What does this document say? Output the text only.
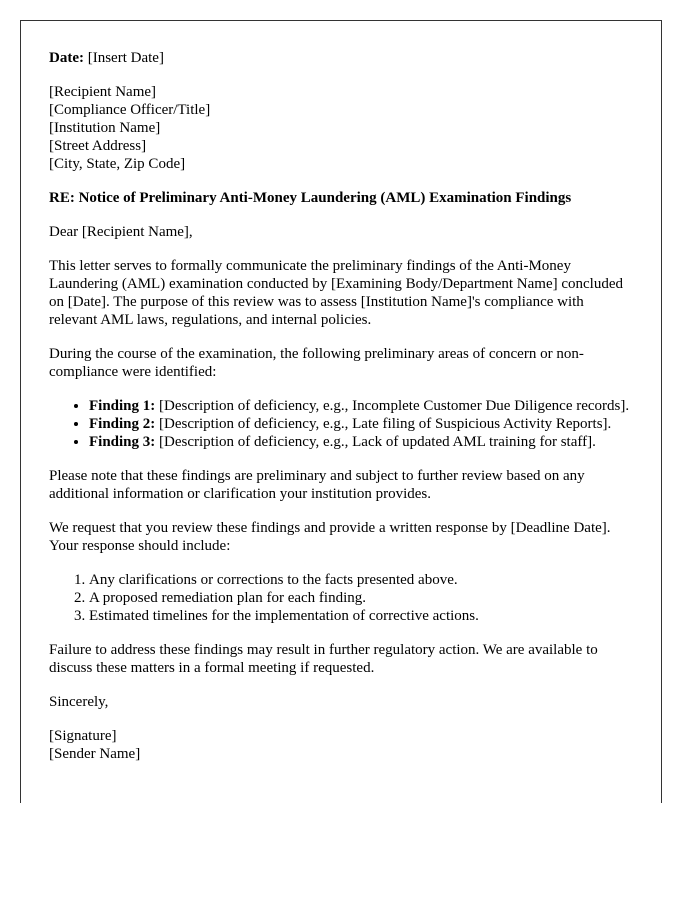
Date: [Insert Date]

[Recipient Name]
[Compliance Officer/Title]
[Institution Name]
[Street Address]
[City, State, Zip Code]

RE: Notice of Preliminary Anti-Money Laundering (AML) Examination Findings

Dear [Recipient Name],

This letter serves to formally communicate the preliminary findings of the Anti-Money Laundering (AML) examination conducted by [Examining Body/Department Name] concluded on [Date]. The purpose of this review was to assess [Institution Name]'s compliance with relevant AML laws, regulations, and internal policies.

During the course of the examination, the following preliminary areas of concern or non-compliance were identified:

• Finding 1: [Description of deficiency, e.g., Incomplete Customer Due Diligence records].
• Finding 2: [Description of deficiency, e.g., Late filing of Suspicious Activity Reports].
• Finding 3: [Description of deficiency, e.g., Lack of updated AML training for staff].

Please note that these findings are preliminary and subject to further review based on any additional information or clarification your institution provides.

We request that you review these findings and provide a written response by [Deadline Date]. Your response should include:

1. Any clarifications or corrections to the facts presented above.
2. A proposed remediation plan for each finding.
3. Estimated timelines for the implementation of corrective actions.

Failure to address these findings may result in further regulatory action. We are available to discuss these matters in a formal meeting if requested.

Sincerely,

[Signature]
[Sender Name]
